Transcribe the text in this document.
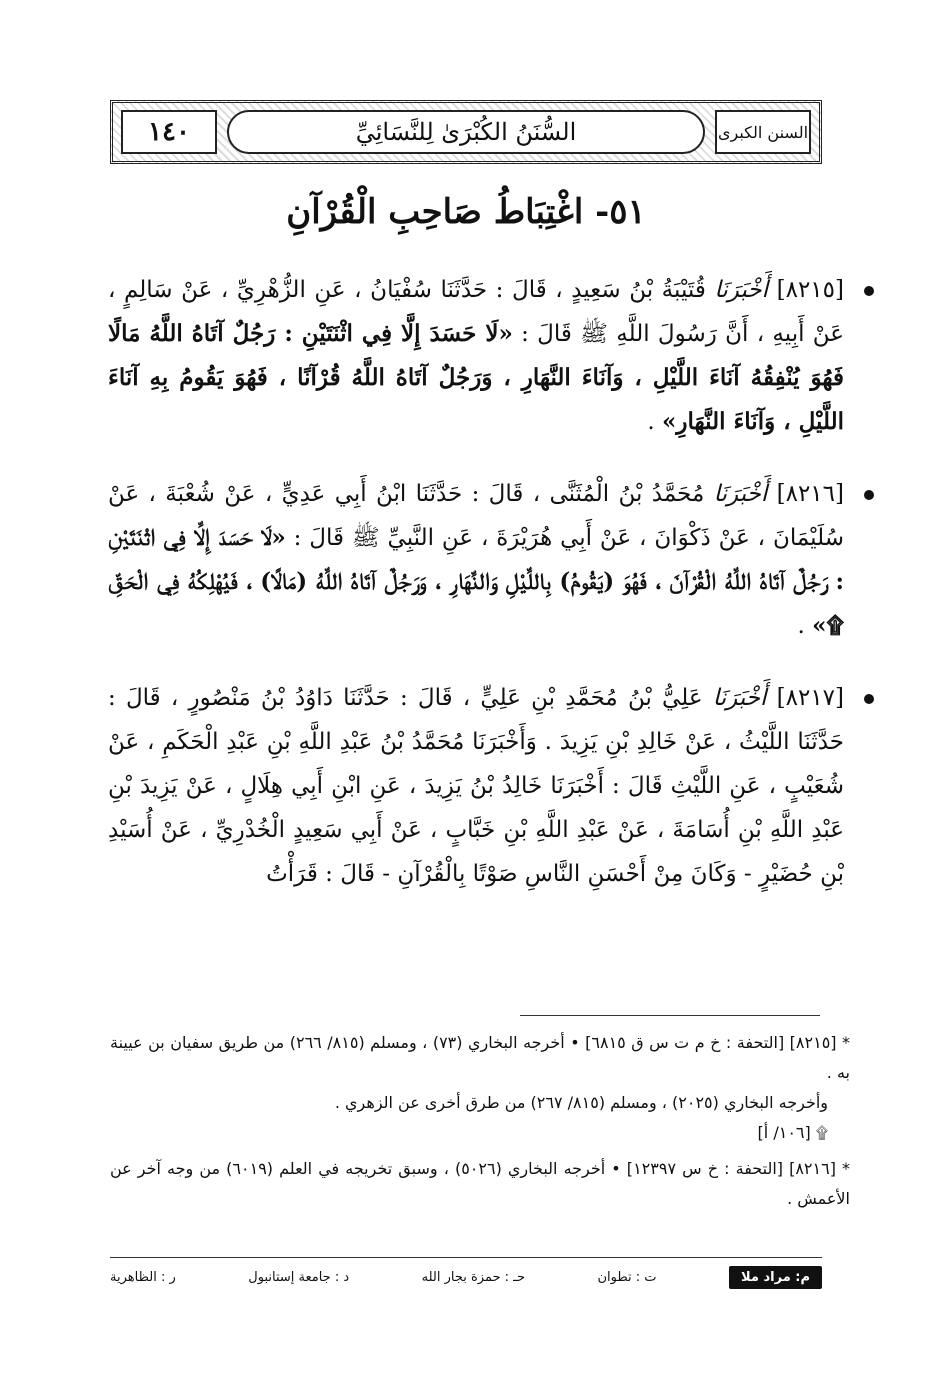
١٤٠	السُّنَنُ الكُبْرَىٰ لِلنَّسَائِيِّ	السنن الكبرى
٥١- اغْتِبَاطُ صَاحِبِ الْقُرْآنِ
[٨٢١٥] أَخْبَرَنَا قُتَيْبَةُ بْنُ سَعِيدٍ ، قَالَ : حَدَّثَنَا سُفْيَانُ ، عَنِ الزُّهْرِيِّ ، عَنْ سَالِمٍ ، عَنْ أَبِيهِ ، أَنَّ رَسُولَ اللَّهِ ﷺ قَالَ : «لَا حَسَدَ إِلَّا فِي اثْنَتَيْنِ : رَجُلٌ آتَاهُ اللَّهُ مَالًا فَهُوَ يُنْفِقُهُ آنَاءَ اللَّيْلِ ، وَآنَاءَ النَّهَارِ ، وَرَجُلٌ آتَاهُ اللَّهُ قُرْآنًا ، فَهُوَ يَقُومُ بِهِ آنَاءَ اللَّيْلِ ، وَآنَاءَ النَّهَارِ» .
[٨٢١٦] أَخْبَرَنَا مُحَمَّدُ بْنُ الْمُثَنَّى ، قَالَ : حَدَّثَنَا ابْنُ أَبِي عَدِيٍّ ، عَنْ شُعْبَةَ ، عَنْ سُلَيْمَانَ ، عَنْ ذَكْوَانَ ، عَنْ أَبِي هُرَيْرَةَ ، عَنِ النَّبِيِّ ﷺ قَالَ : «لَا حَسَدَ إِلَّا فِي اثْنَتَيْنِ : رَجُلٌ آتَاهُ اللَّهُ الْقُرْآنَ ، فَهُوَ (يَقُومُ) بِاللَّيْلِ وَالنَّهَارِ ، وَرَجُلٌ آتَاهُ اللَّهُ (مَالًا) ، فَيُهْلِكُهُ فِي الْحَقِّ ۩» .
[٨٢١٧] أَخْبَرَنَا عَلِيُّ بْنُ مُحَمَّدِ بْنِ عَلِيٍّ ، قَالَ : حَدَّثَنَا دَاوُدُ بْنُ مَنْصُورٍ ، قَالَ : حَدَّثَنَا اللَّيْثُ ، عَنْ خَالِدِ بْنِ يَزِيدَ . وَأَخْبَرَنَا مُحَمَّدُ بْنُ عَبْدِ اللَّهِ بْنِ عَبْدِ الْحَكَمِ ، عَنْ شُعَيْبٍ ، عَنِ اللَّيْثِ قَالَ : أَخْبَرَنَا خَالِدُ بْنُ يَزِيدَ ، عَنِ ابْنِ أَبِي هِلَالٍ ، عَنْ يَزِيدَ بْنِ عَبْدِ اللَّهِ بْنِ أُسَامَةَ ، عَنْ عَبْدِ اللَّهِ بْنِ خَبَّابٍ ، عَنْ أَبِي سَعِيدٍ الْخُدْرِيِّ ، عَنْ أُسَيْدِ بْنِ حُضَيْرٍ - وَكَانَ مِنْ أَحْسَنِ النَّاسِ صَوْتًا بِالْقُرْآنِ - قَالَ : قَرَأْتُ
* [٨٢١٥] [التحفة : خ م ت س ق ٦٨١٥] • أخرجه البخاري (٧٣) ، ومسلم (٨١٥/ ٢٦٦) من طريق سفيان بن عيينة به .
وأخرجه البخاري (٢٠٢٥) ، ومسلم (٨١٥/ ٢٦٧) من طرق أخرى عن الزهري .
۩ [١٠٦/ أ]
* [٨٢١٦] [التحفة : خ س ١٢٣٩٧] • أخرجه البخاري (٥٠٢٦) ، وسبق تخريجه في العلم (٦٠١٩) من وجه آخر عن الأعمش .
م: مراد ملا
ت : تطوان
حـ : حمزة بجار الله
د : جامعة إستانبول
ر : الظاهرية
